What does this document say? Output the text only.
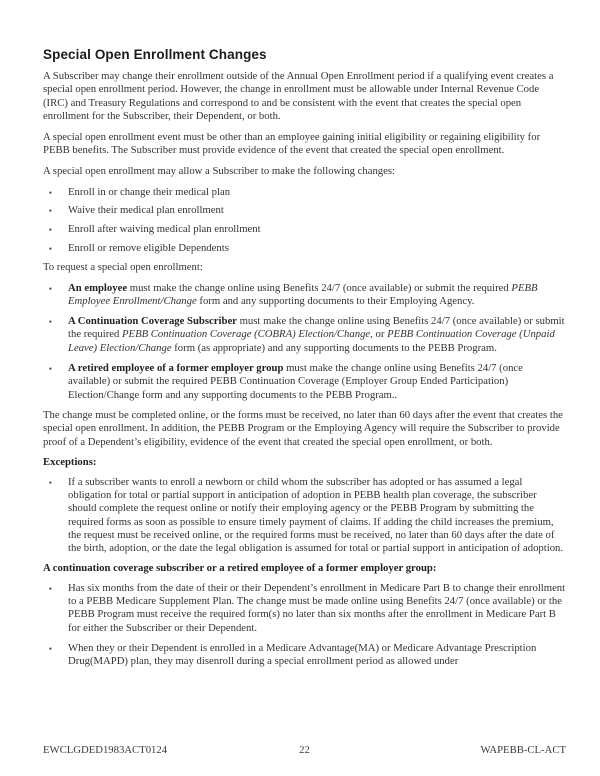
Special Open Enrollment Changes

A Subscriber may change their enrollment outside of the Annual Open Enrollment period if a qualifying event creates a special open enrollment period. However, the change in enrollment must be allowable under Internal Revenue Code (IRC) and Treasury Regulations and correspond to and be consistent with the event that creates the special open enrollment for the Subscriber, their Dependent, or both.

A special open enrollment event must be other than an employee gaining initial eligibility or regaining eligibility for PEBB benefits. The Subscriber must provide evidence of the event that created the special open enrollment.

A special open enrollment may allow a Subscriber to make the following changes:

▪	Enroll in or change their medical plan
▪	Waive their medical plan enrollment
▪	Enroll after waiving medical plan enrollment
▪	Enroll or remove eligible Dependents

To request a special open enrollment:

▪	An employee must make the change online using Benefits 24/7 (once available) or submit the required PEBB Employee Enrollment/Change form and any supporting documents to their Employing Agency.
▪	A Continuation Coverage Subscriber must make the change online using Benefits 24/7 (once available) or submit the required PEBB Continuation Coverage (COBRA) Election/Change, or PEBB Continuation Coverage (Unpaid Leave) Election/Change form (as appropriate) and any supporting documents to the PEBB Program.
▪	A retired employee of a former employer group must make the change online using Benefits 24/7 (once available) or submit the required PEBB Continuation Coverage (Employer Group Ended Participation) Election/Change form and any supporting documents to the PEBB Program..

The change must be completed online, or the forms must be received, no later than 60 days after the event that creates the special open enrollment. In addition, the PEBB Program or the Employing Agency will require the Subscriber to provide proof of a Dependent’s eligibility, evidence of the event that created the special open enrollment, or both.

Exceptions:

▪	If a subscriber wants to enroll a newborn or child whom the subscriber has adopted or has assumed a legal obligation for total or partial support in anticipation of adoption in PEBB health plan coverage, the subscriber should complete the request online or notify their employing agency or the PEBB Program by submitting the required forms as soon as possible to ensure timely payment of claims. If adding the child increases the premium, the request must be received online, or the required forms must be received, no later than 60 days after the date of the birth, adoption, or the date the legal obligation is assumed for total or partial support in anticipation of adoption.

A continuation coverage subscriber or a retired employee of a former employer group:

▪	Has six months from the date of their or their Dependent’s enrollment in Medicare Part B to change their enrollment to a PEBB Medicare Supplement Plan. The change must be made online using Benefits 24/7 (once available) or the PEBB Program must receive the required form(s) no later than six months after the enrollment in Medicare Part B for either the Subscriber or their Dependent.
▪	When they or their Dependent is enrolled in a Medicare Advantage(MA) or Medicare Advantage Prescription Drug(MAPD) plan, they may disenroll during a special enrollment period as allowed under
EWCLGDED1983ACT0124	22	WAPEBB-CL-ACT
